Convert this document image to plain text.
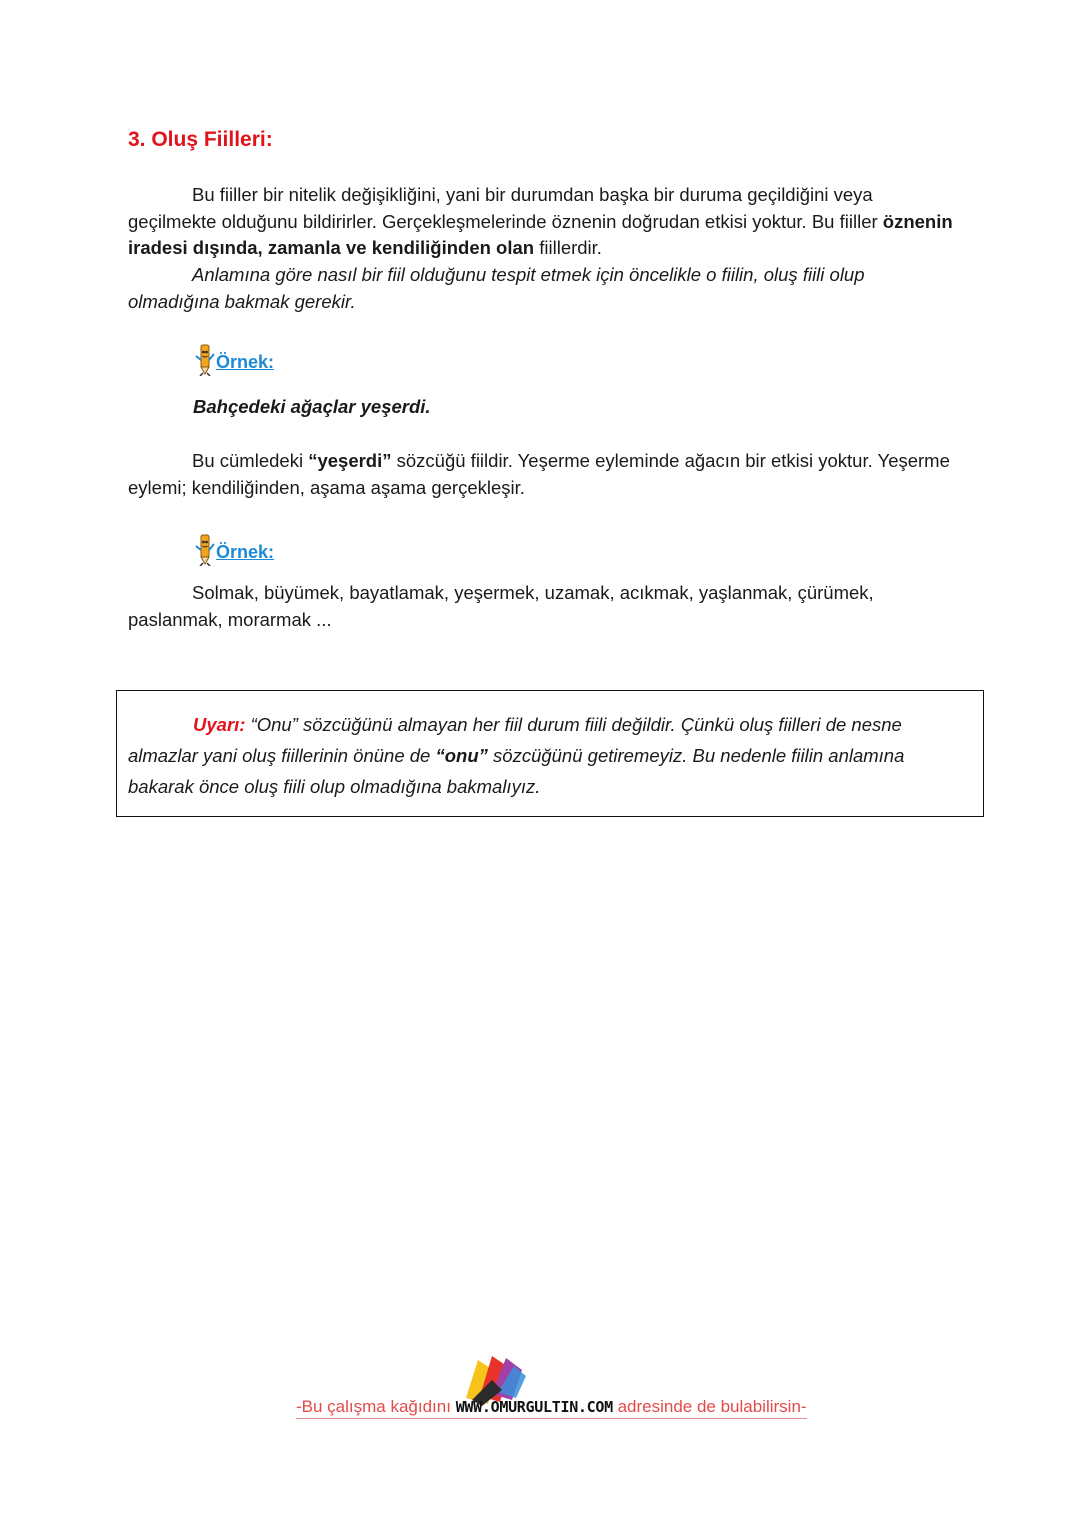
3. Oluş Fiilleri:

Bu fiiller bir nitelik değişikliğini, yani bir durumdan başka bir duruma geçildiğini veya geçilmekte olduğunu bildirirler. Gerçekleşmelerinde öznenin doğrudan etkisi yoktur. Bu fiiller öznenin iradesi dışında, zamanla ve kendiliğinden olan fiillerdir.

Anlamına göre nasıl bir fiil olduğunu tespit etmek için öncelikle o fiilin, oluş fiili olup olmadığına bakmak gerekir.

Örnek:

Bahçedeki ağaçlar yeşerdi.

Bu cümledeki “yeşerdi” sözcüğü fiildir. Yeşerme eyleminde ağacın bir etkisi yoktur. Yeşerme eylemi; kendiliğinden, aşama aşama gerçekleşir.

Örnek:

Solmak, büyümek, bayatlamak, yeşermek, uzamak, acıkmak, yaşlanmak, çürümek, paslanmak, morarmak ...

Uyarı: “Onu” sözcüğünü almayan her fiil durum fiili değildir. Çünkü oluş fiilleri de nesne almazlar yani oluş fiillerinin önüne de “onu” sözcüğünü getiremeyiz. Bu nedenle fiilin anlamına bakarak önce oluş fiili olup olmadığına bakmalıyız.

-Bu çalışma kağıdını WWW.OMURGULTIN.COM adresinde de bulabilirsin-
